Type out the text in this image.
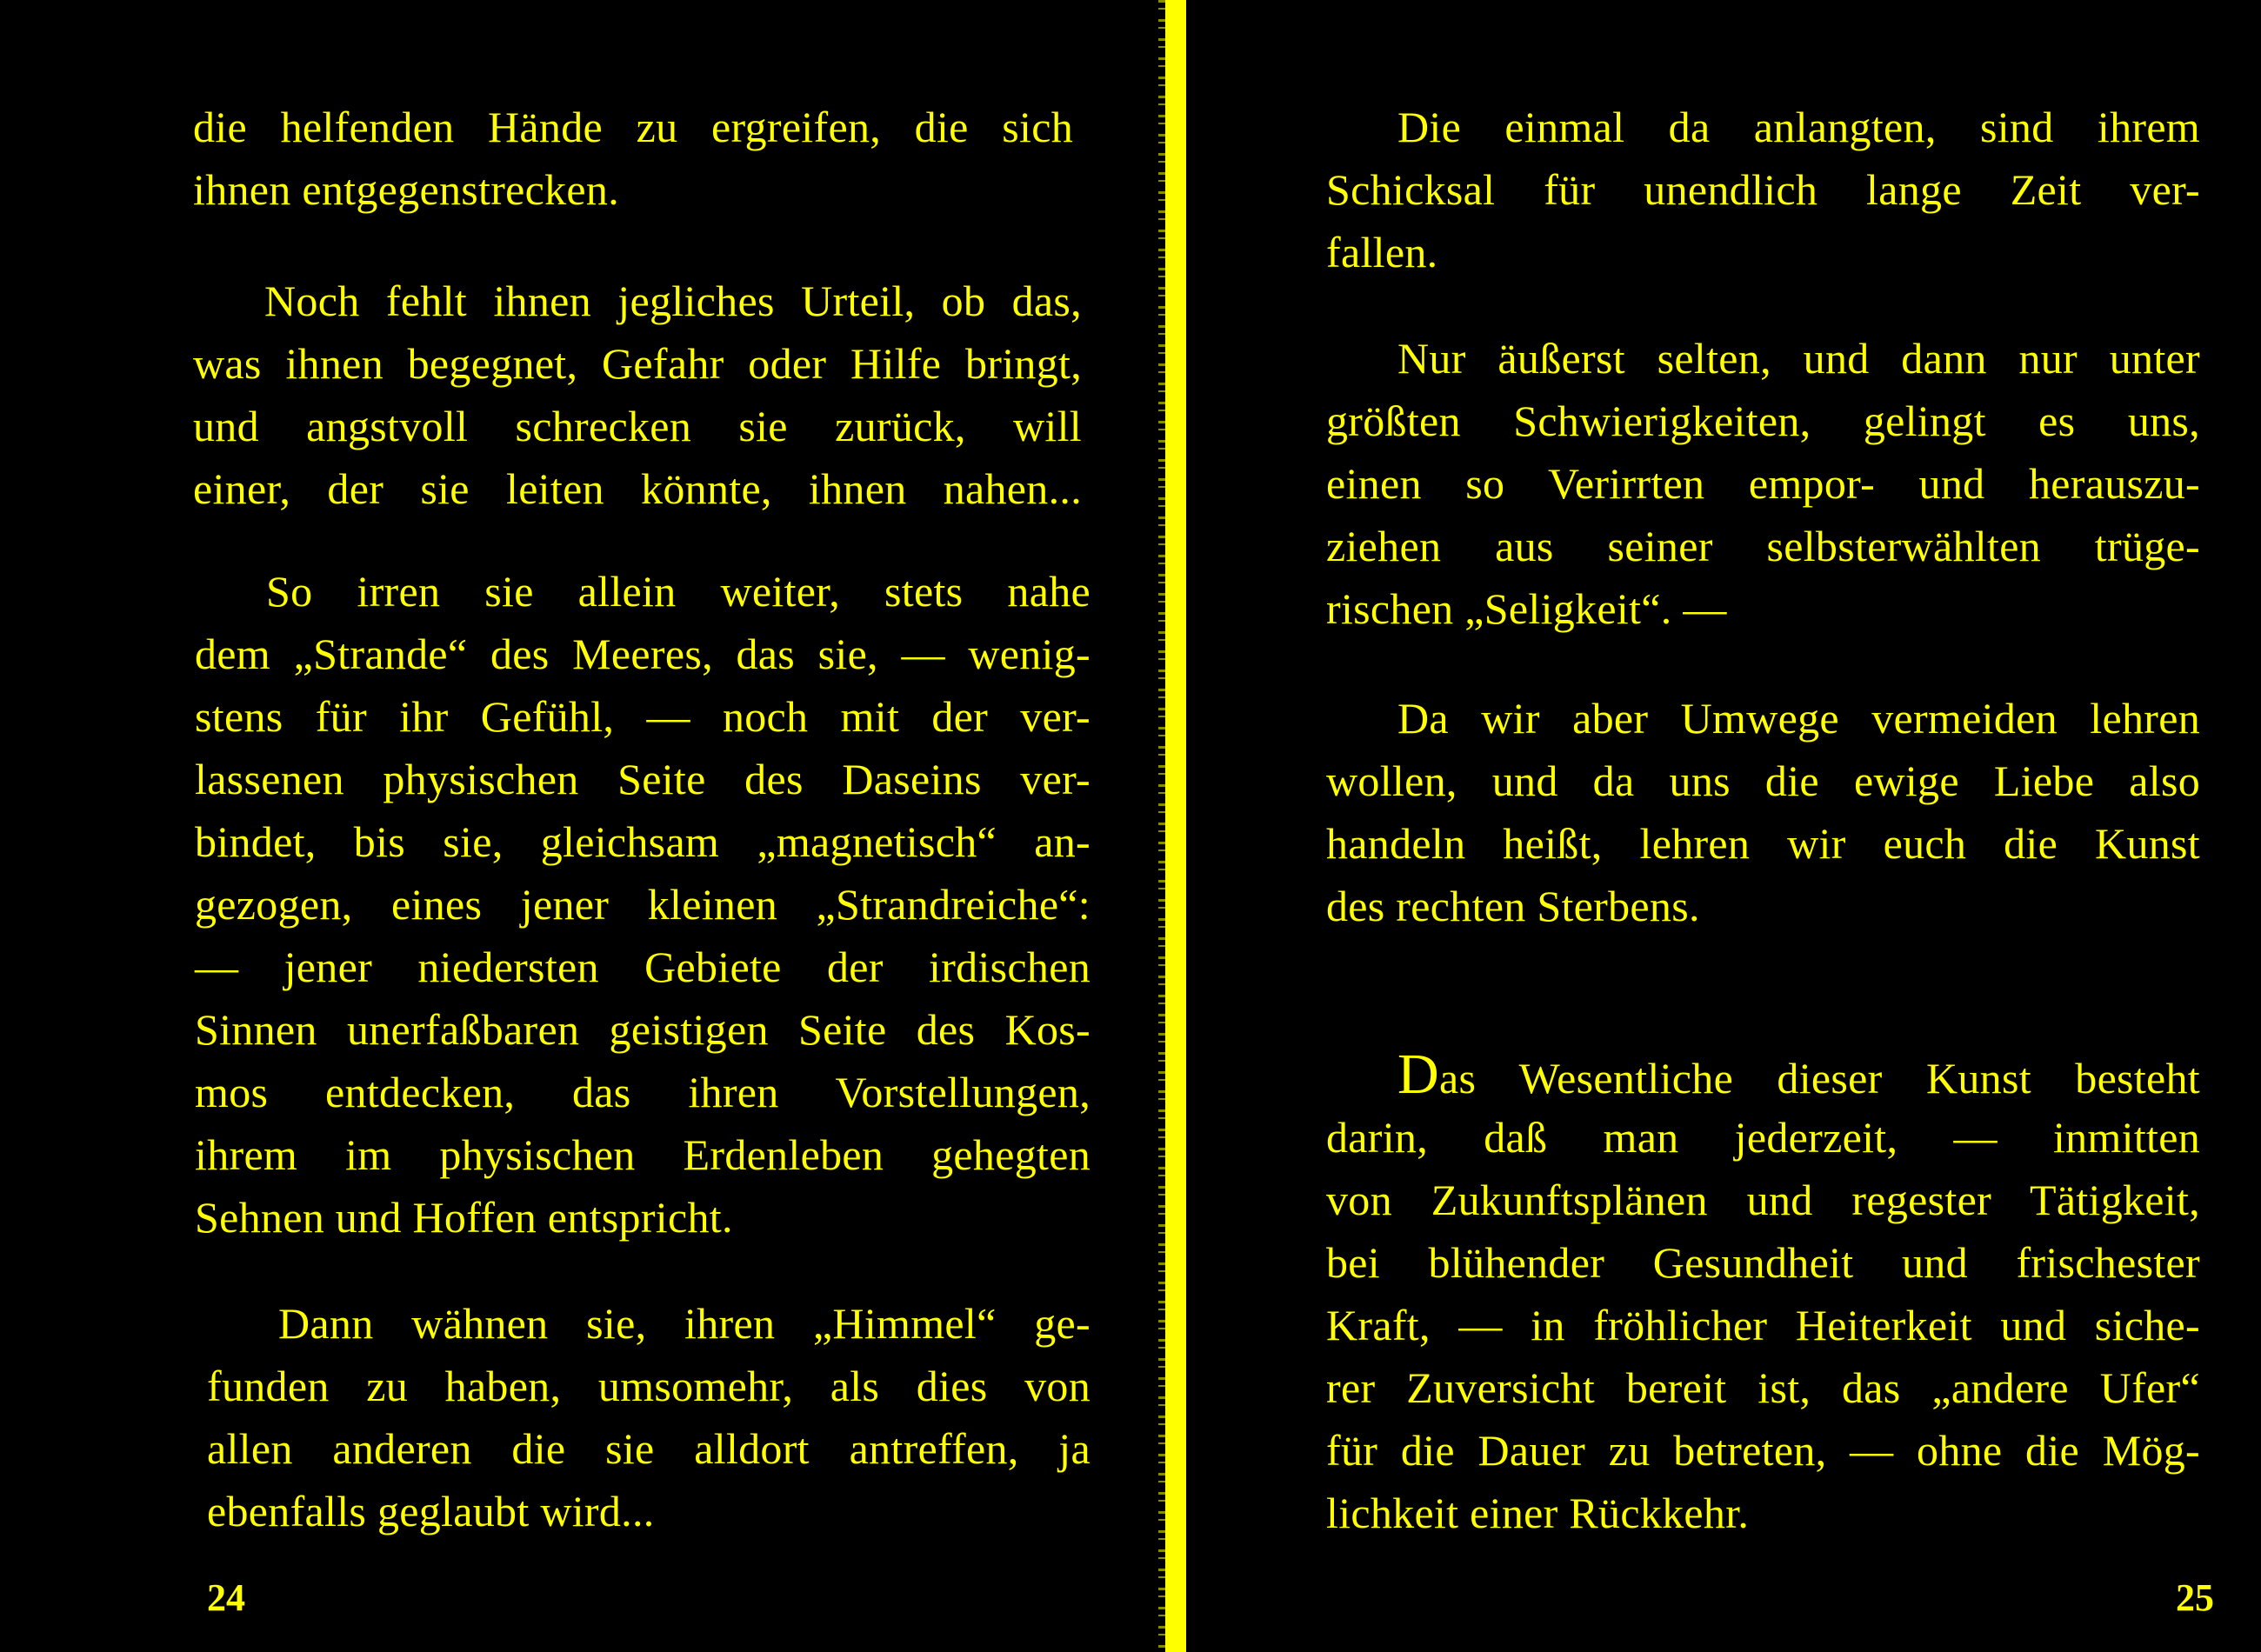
die helfenden Hände zu ergreifen, die sich
ihnen entgegenstrecken.
Noch fehlt ihnen jegliches Urteil, ob das,
was ihnen begegnet, Gefahr oder Hilfe bringt,
und angstvoll schrecken sie zurück, will
einer, der sie leiten könnte, ihnen nahen...
So irren sie allein weiter, stets nahe
dem „Strande“ des Meeres, das sie, — wenig-
stens für ihr Gefühl, — noch mit der ver-
lassenen physischen Seite des Daseins ver-
bindet, bis sie, gleichsam „magnetisch“ an-
gezogen, eines jener kleinen „Strandreiche“:
— jener niedersten Gebiete der irdischen
Sinnen unerfaßbaren geistigen Seite des Kos-
mos entdecken, das ihren Vorstellungen,
ihrem im physischen Erdenleben gehegten
Sehnen und Hoffen entspricht.
Dann wähnen sie, ihren „Himmel“ ge-
funden zu haben, umsomehr, als dies von
allen anderen die sie alldort antreffen, ja
ebenfalls geglaubt wird...
24
Die einmal da anlangten, sind ihrem
Schicksal für unendlich lange Zeit ver-
fallen.
Nur äußerst selten, und dann nur unter
größten Schwierigkeiten, gelingt es uns,
einen so Verirrten empor- und herauszu-
ziehen aus seiner selbsterwählten trüge-
rischen „Seligkeit“. —
Da wir aber Umwege vermeiden lehren
wollen, und da uns die ewige Liebe also
handeln heißt, lehren wir euch die Kunst
des rechten Sterbens.
Das Wesentliche dieser Kunst besteht
darin, daß man jederzeit, — inmitten
von Zukunftsplänen und regester Tätigkeit,
bei blühender Gesundheit und frischester
Kraft, — in fröhlicher Heiterkeit und siche-
rer Zuversicht bereit ist, das „andere Ufer“
für die Dauer zu betreten, — ohne die Mög-
lichkeit einer Rückkehr.
25
